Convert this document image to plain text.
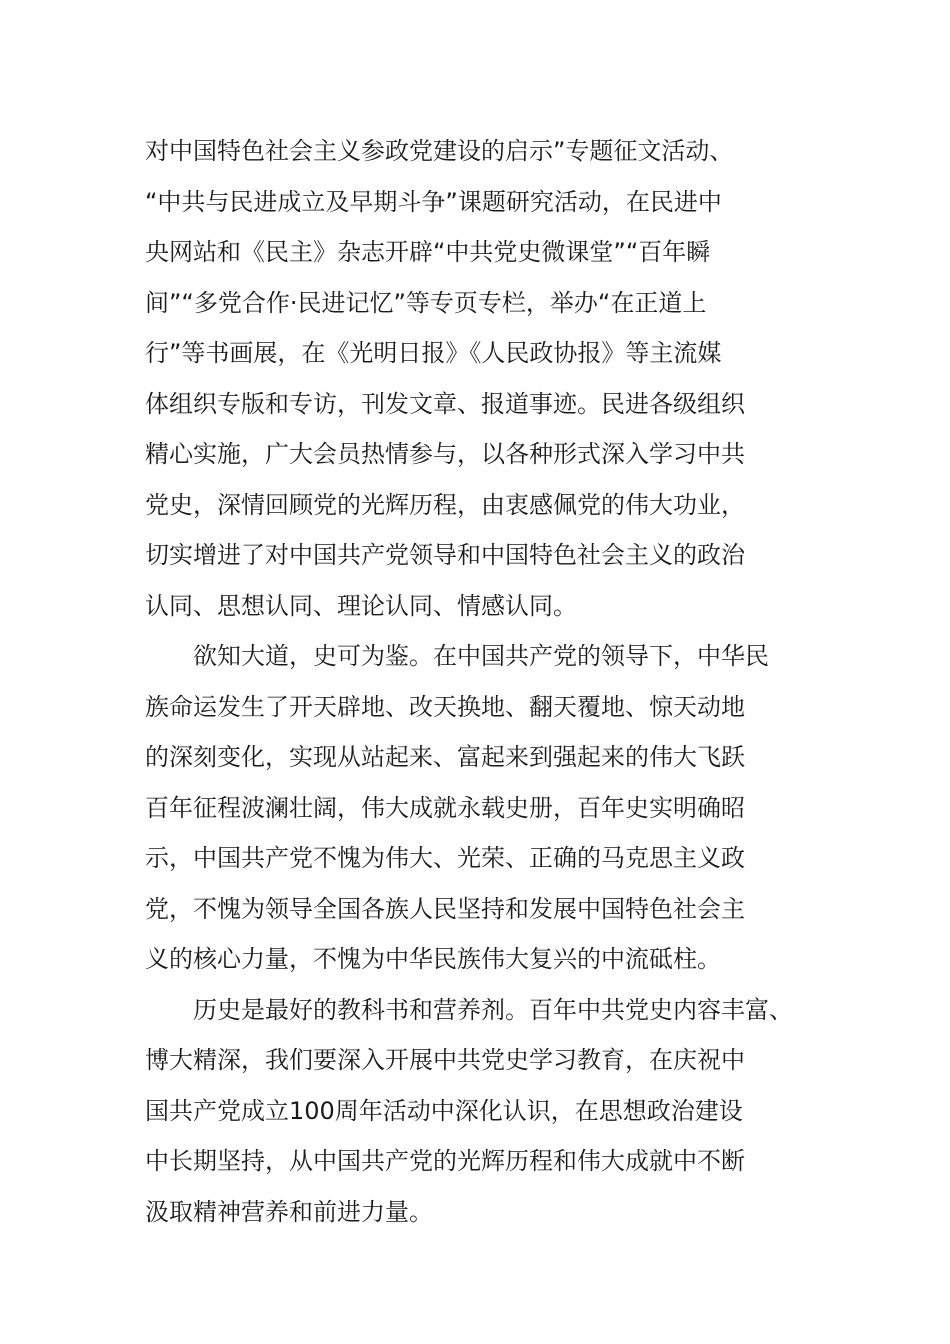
对中国特色社会主义参政党建设的启示”专题征文活动、
“中共与民进成立及早期斗争”课题研究活动，在民进中
央网站和《民主》杂志开辟“中共党史微课堂”“百年瞬
间”“多党合作·民进记忆”等专页专栏，举办“在正道上
行”等书画展，在《光明日报》《人民政协报》等主流媒
体组织专版和专访，刊发文章、报道事迹。民进各级组织
精心实施，广大会员热情参与，以各种形式深入学习中共
党史，深情回顾党的光辉历程，由衷感佩党的伟大功业，
切实增进了对中国共产党领导和中国特色社会主义的政治
认同、思想认同、理论认同、情感认同。
欲知大道，史可为鉴。在中国共产党的领导下，中华民
族命运发生了开天辟地、改天换地、翻天覆地、惊天动地
的深刻变化，实现从站起来、富起来到强起来的伟大飞跃
百年征程波澜壮阔，伟大成就永载史册，百年史实明确昭
示，中国共产党不愧为伟大、光荣、正确的马克思主义政
党，不愧为领导全国各族人民坚持和发展中国特色社会主
义的核心力量，不愧为中华民族伟大复兴的中流砥柱。
历史是最好的教科书和营养剂。百年中共党史内容丰富、
博大精深，我们要深入开展中共党史学习教育，在庆祝中
国共产党成立100周年活动中深化认识，在思想政治建设
中长期坚持，从中国共产党的光辉历程和伟大成就中不断
汲取精神营养和前进力量。
